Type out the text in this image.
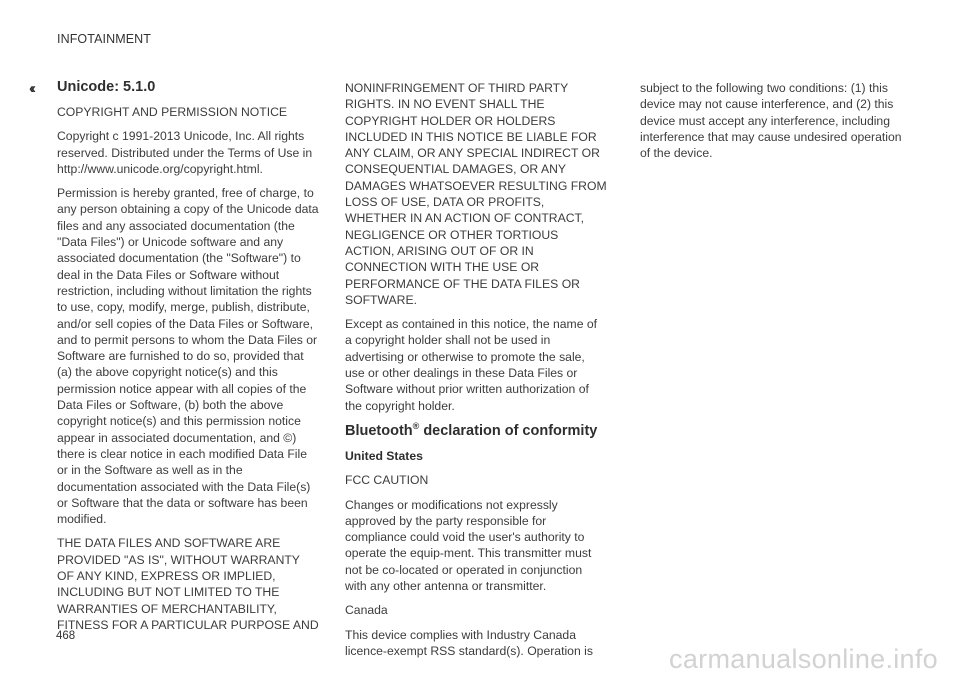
INFOTAINMENT
‹‹ Unicode: 5.1.0

COPYRIGHT AND PERMISSION NOTICE

Copyright c 1991-2013 Unicode, Inc. All rights reserved. Distributed under the Terms of Use in http://www.unicode.org/copyright.html.

Permission is hereby granted, free of charge, to any person obtaining a copy of the Unicode data files and any associated documentation (the "Data Files") or Unicode software and any associated documentation (the "Software") to deal in the Data Files or Software without restriction, including without limitation the rights to use, copy, modify, merge, publish, distribute, and/or sell copies of the Data Files or Software, and to permit persons to whom the Data Files or Software are furnished to do so, provided that (a) the above copyright notice(s) and this permission notice appear with all copies of the Data Files or Software, (b) both the above copyright notice(s) and this permission notice appear in associated documentation, and ©) there is clear notice in each modified Data File or in the Software as well as in the documentation associated with the Data File(s) or Software that the data or software has been modified.

THE DATA FILES AND SOFTWARE ARE PROVIDED "AS IS", WITHOUT WARRANTY OF ANY KIND, EXPRESS OR IMPLIED, INCLUDING BUT NOT LIMITED TO THE WARRANTIES OF MERCHANTABILITY, FITNESS FOR A PARTICULAR PURPOSE AND

NONINFRINGEMENT OF THIRD PARTY RIGHTS. IN NO EVENT SHALL THE COPYRIGHT HOLDER OR HOLDERS INCLUDED IN THIS NOTICE BE LIABLE FOR ANY CLAIM, OR ANY SPECIAL INDIRECT OR CONSEQUENTIAL DAMAGES, OR ANY DAMAGES WHATSOEVER RESULTING FROM LOSS OF USE, DATA OR PROFITS, WHETHER IN AN ACTION OF CONTRACT, NEGLIGENCE OR OTHER TORTIOUS ACTION, ARISING OUT OF OR IN CONNECTION WITH THE USE OR PERFORMANCE OF THE DATA FILES OR SOFTWARE.

Except as contained in this notice, the name of a copyright holder shall not be used in advertising or otherwise to promote the sale, use or other dealings in these Data Files or Software without prior written authorization of the copyright holder.

Bluetooth® declaration of conformity

United States

FCC CAUTION

Changes or modifications not expressly approved by the party responsible for compliance could void the user's authority to operate the equip-ment. This transmitter must not be co-located or operated in conjunction with any other antenna or transmitter.

Canada

This device complies with Industry Canada licence-exempt RSS standard(s). Operation is

subject to the following two conditions: (1) this device may not cause interference, and (2) this device must accept any interference, including interference that may cause undesired operation of the device.

468
carmanualsonline.info
